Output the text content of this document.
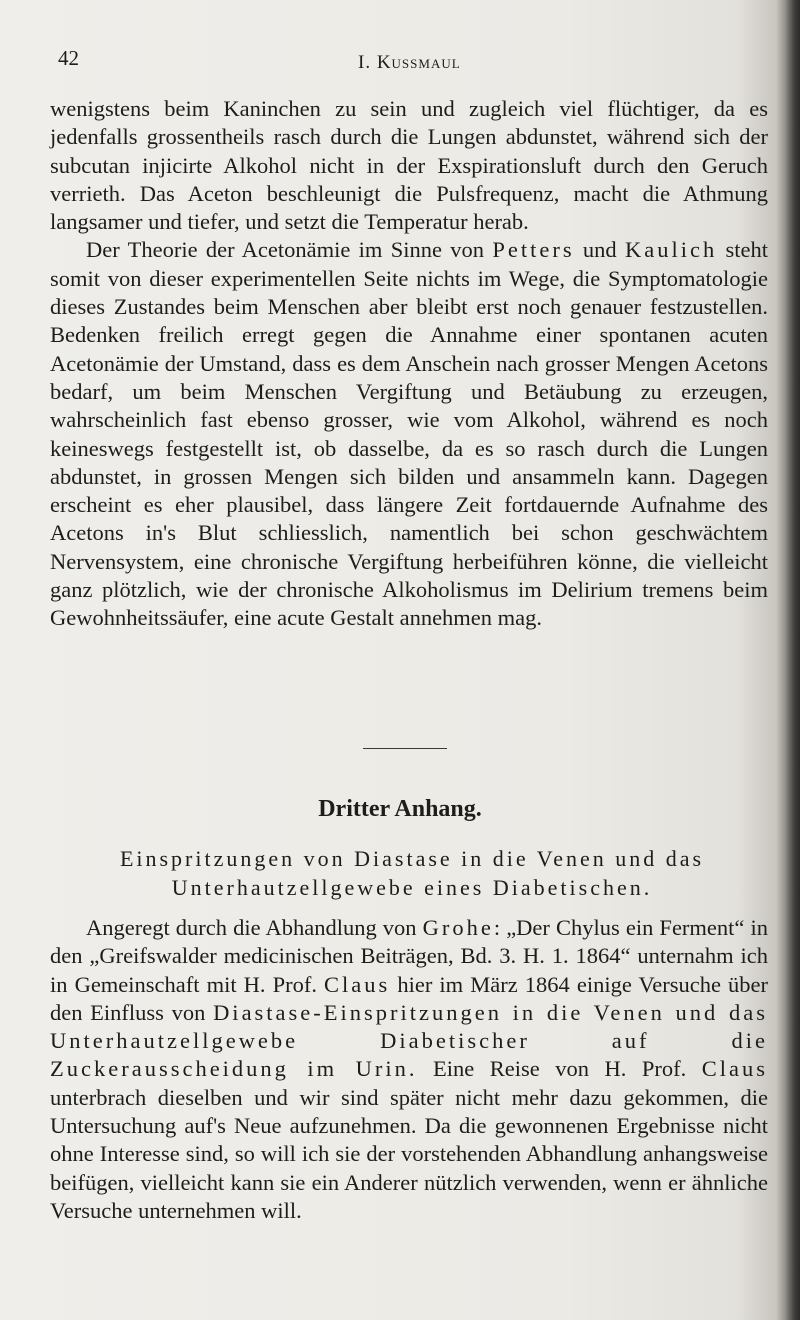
42	I. Kussmaul

wenigstens beim Kaninchen zu sein und zugleich viel flüchtiger, da es jedenfalls grossentheils rasch durch die Lungen abdunstet, während sich der subcutan injicirte Alkohol nicht in der Exspirationsluft durch den Geruch verrieth. Das Aceton beschleunigt die Pulsfrequenz, macht die Athmung langsamer und tiefer, und setzt die Temperatur herab.

Der Theorie der Acetonämie im Sinne von Petters und Kaulich steht somit von dieser experimentellen Seite nichts im Wege, die Symptomatologie dieses Zustandes beim Menschen aber bleibt erst noch genauer festzustellen. Bedenken freilich erregt gegen die Annahme einer spontanen acuten Acetonämie der Umstand, dass es dem Anschein nach grosser Mengen Acetons bedarf, um beim Menschen Vergiftung und Betäubung zu erzeugen, wahrscheinlich fast ebenso grosser, wie vom Alkohol, während es noch keineswegs festgestellt ist, ob dasselbe, da es so rasch durch die Lungen abdunstet, in grossen Mengen sich bilden und ansammeln kann. Dagegen erscheint es eher plausibel, dass längere Zeit fortdauernde Aufnahme des Acetons in's Blut schliesslich, namentlich bei schon geschwächtem Nervensystem, eine chronische Vergiftung herbeiführen könne, die vielleicht ganz plötzlich, wie der chronische Alkoholismus im Delirium tremens beim Gewohnheitssäufer, eine acute Gestalt annehmen mag.

Dritter Anhang.
Einspritzungen von Diastase in die Venen und das Unterhautzellgewebe eines Diabetischen.

Angeregt durch die Abhandlung von Grohe: „Der Chylus ein Ferment“ in den „Greifswalder medicinischen Beiträgen, Bd. 3. H. 1. 1864“ unternahm ich in Gemeinschaft mit H. Prof. Claus hier im März 1864 einige Versuche über den Einfluss von Diastase-Einspritzungen in die Venen und das Unterhautzellgewebe Diabetischer auf die Zuckerausscheidung im Urin. Eine Reise von H. Prof. Claus unterbrach dieselben und wir sind später nicht mehr dazu gekommen, die Untersuchung auf's Neue aufzunehmen. Da die gewonnenen Ergebnisse nicht ohne Interesse sind, so will ich sie der vorstehenden Abhandlung anhangsweise beifügen, vielleicht kann sie ein Anderer nützlich verwenden, wenn er ähnliche Versuche unternehmen will.
